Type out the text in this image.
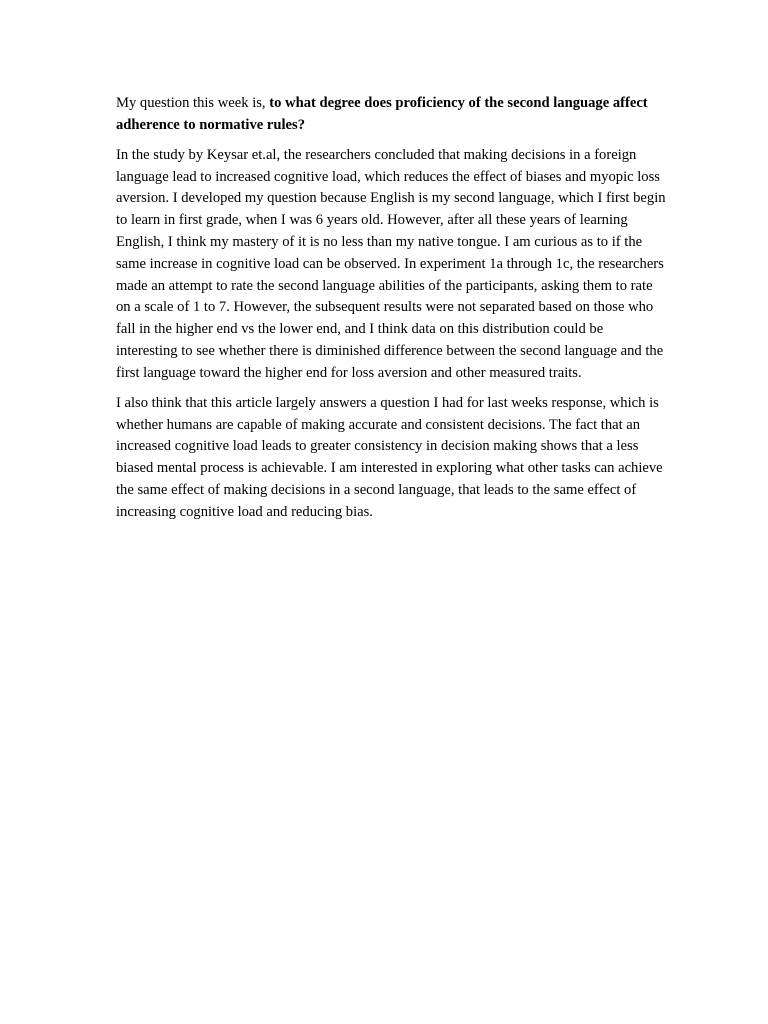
My question this week is, to what degree does proficiency of the second language affect
adherence to normative rules?

In the study by Keysar et.al, the researchers concluded that making decisions in a foreign
language lead to increased cognitive load, which reduces the effect of biases and myopic loss
aversion. I developed my question because English is my second language, which I first begin
to learn in first grade, when I was 6 years old. However, after all these years of learning
English, I think my mastery of it is no less than my native tongue. I am curious as to if the
same increase in cognitive load can be observed. In experiment 1a through 1c, the researchers
made an attempt to rate the second language abilities of the participants, asking them to rate
on a scale of 1 to 7. However, the subsequent results were not separated based on those who
fall in the higher end vs the lower end, and I think data on this distribution could be
interesting to see whether there is diminished difference between the second language and the
first language toward the higher end for loss aversion and other measured traits.

I also think that this article largely answers a question I had for last weeks response, which is
whether humans are capable of making accurate and consistent decisions. The fact that an
increased cognitive load leads to greater consistency in decision making shows that a less
biased mental process is achievable. I am interested in exploring what other tasks can achieve
the same effect of making decisions in a second language, that leads to the same effect of
increasing cognitive load and reducing bias.
